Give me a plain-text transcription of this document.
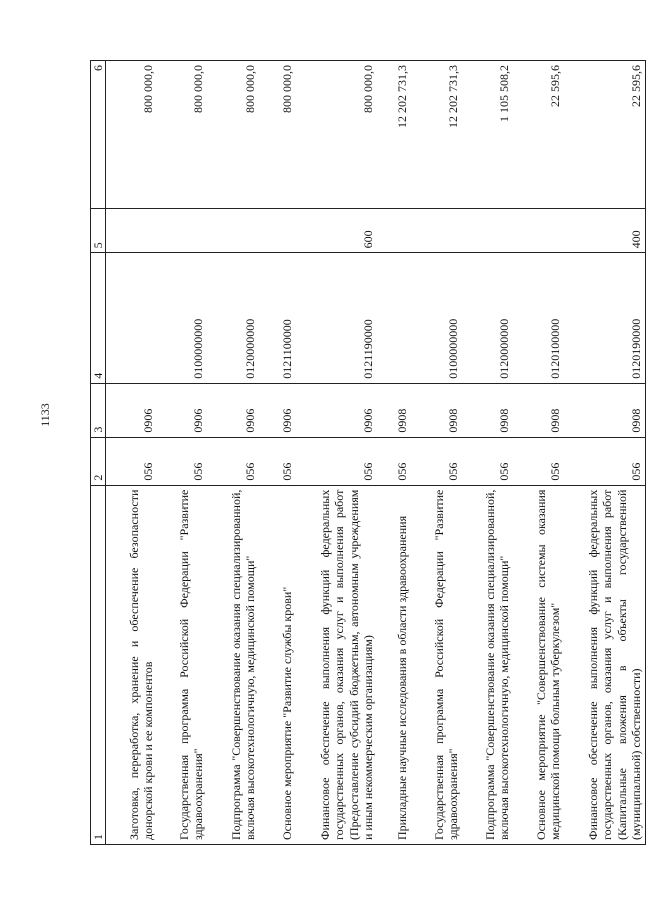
1133
1	2	3	4	5	6
Заготовка, переработка, хранение и обеспечение безопасности донорской крови и ее компонентов	056	0906			800 000,0
Государственная программа Российской Федерации "Развитие здравоохранения"	056	0906	0100000000		800 000,0
Подпрограмма "Совершенствование оказания специализированной, включая высокотехнологичную, медицинской помощи"	056	0906	0120000000		800 000,0
Основное мероприятие "Развитие службы крови"	056	0906	0121100000		800 000,0
Финансовое обеспечение выполнения функций федеральных государственных органов, оказания услуг и выполнения работ (Предоставление субсидий бюджетным, автономным учреждениям и иным некоммерческим организациям)	056	0906	0121190000	600	800 000,0
Прикладные научные исследования в области здравоохранения	056	0908			12 202 731,3
Государственная программа Российской Федерации "Развитие здравоохранения"	056	0908	0100000000		12 202 731,3
Подпрограмма "Совершенствование оказания специализированной, включая высокотехнологичную, медицинской помощи"	056	0908	0120000000		1 105 508,2
Основное мероприятие "Совершенствование системы оказания медицинской помощи больным туберкулезом"	056	0908	0120100000		22 595,6
Финансовое обеспечение выполнения функций федеральных государственных органов, оказания услуг и выполнения работ (Капитальные вложения в объекты государственной (муниципальной) собственности)	056	0908	0120190000	400	22 595,6
